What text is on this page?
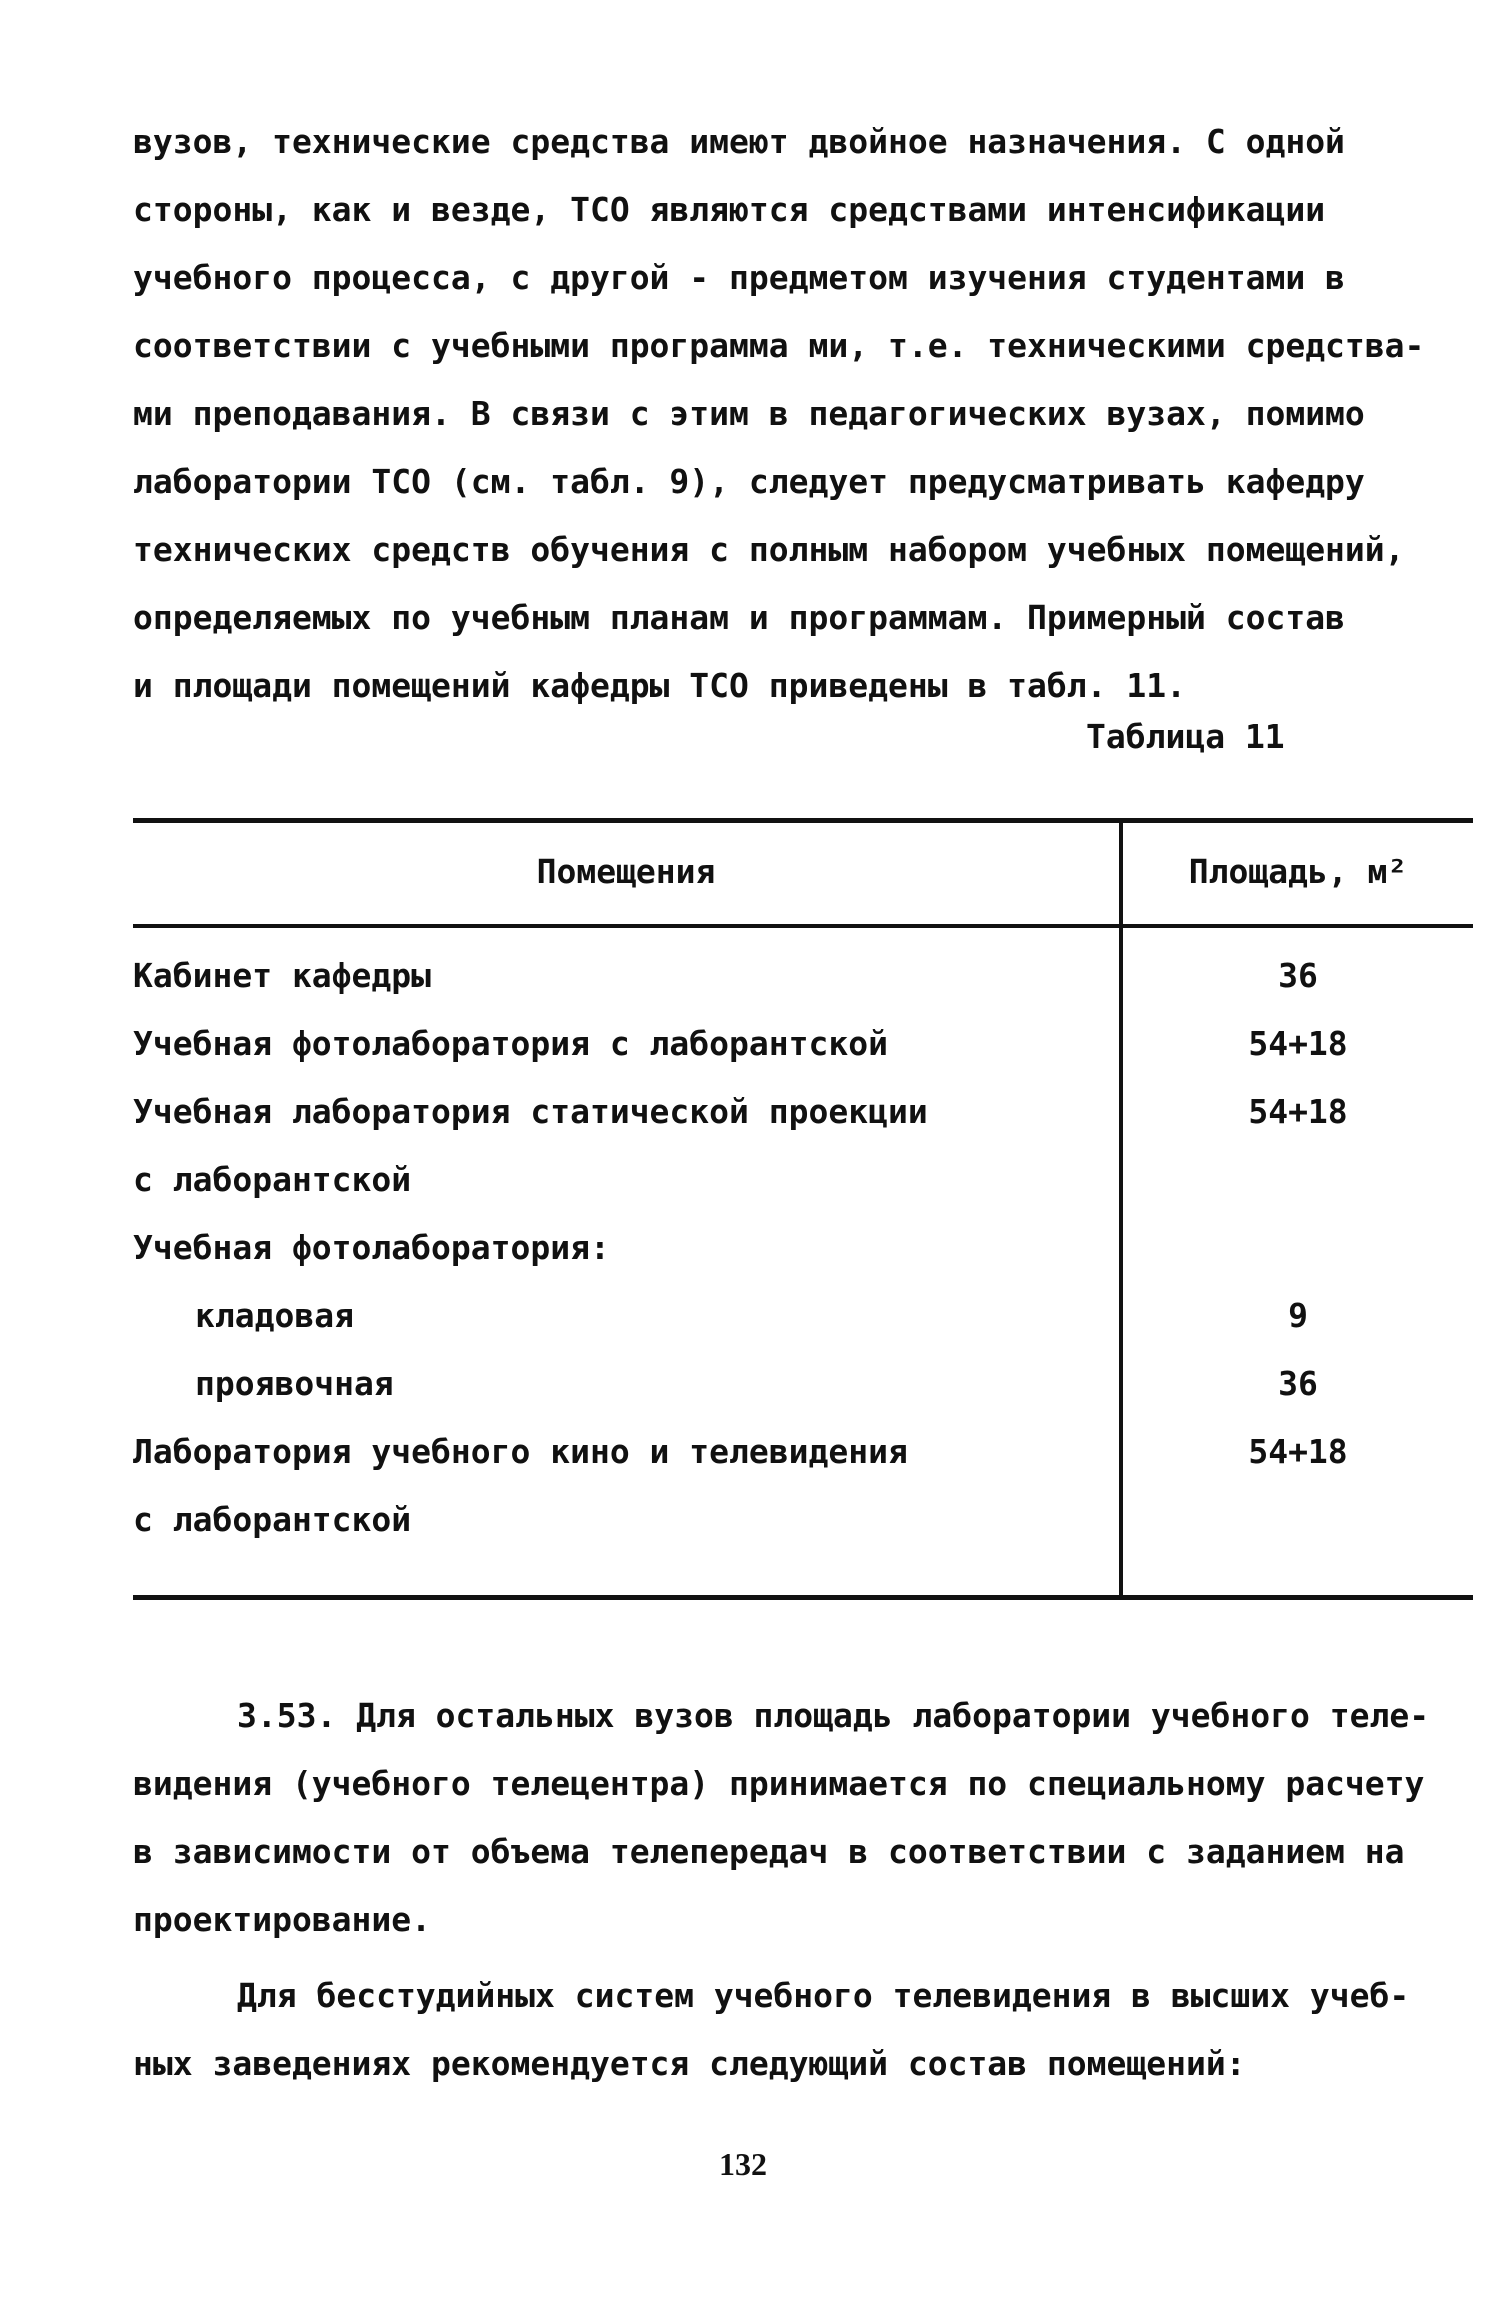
вузов, технические средства имеют двойное назначения. С одной
стороны, как и везде, ТСО являются средствами интенсификации
учебного процесса, с другой - предметом изучения студентами в
соответствии с учебными программа ми, т.е. техническими средства-
ми преподавания. В связи с этим в педагогических вузах, помимо
лаборатории ТСО (см. табл. 9), следует предусматривать кафедру
технических средств обучения с полным набором учебных помещений,
определяемых по учебным планам и программам. Примерный состав
и площади помещений кафедры ТСО приведены в табл. 11.
Таблица 11
Помещения	Площадь, м²
Кабинет кафедры	36
Учебная фотолаборатория с лаборантской	54+18
Учебная лаборатория статической проекции	54+18
с лаборантской
Учебная фотолаборатория:
кладовая	9
проявочная	36
Лаборатория учебного кино и телевидения	54+18
с лаборантской
3.53. Для остальных вузов площадь лаборатории учебного теле-
видения (учебного телецентра) принимается по специальному расчету
в зависимости от объема телепередач в соответствии с заданием на
проектирование.
Для бесстудийных систем учебного телевидения в высших учеб-
ных заведениях рекомендуется следующий состав помещений:
132
